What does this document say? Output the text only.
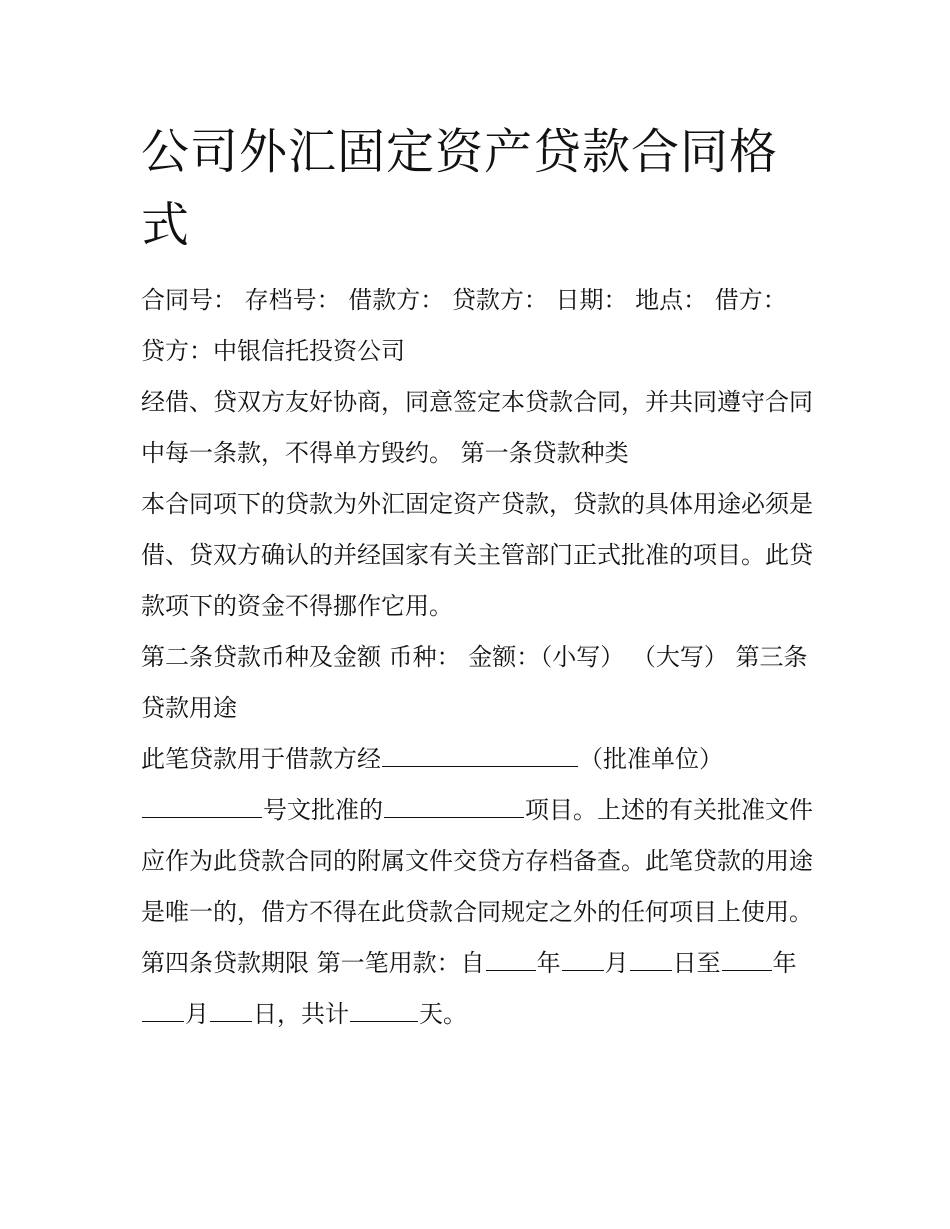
公司外汇固定资产贷款合同格式

合同号： 存档号： 借款方： 贷款方： 日期： 地点： 借方：

贷方：中银信托投资公司

经借、贷双方友好协商，同意签定本贷款合同，并共同遵守合同中每一条款，不得单方毁约。 第一条贷款种类

本合同项下的贷款为外汇固定资产贷款，贷款的具体用途必须是借、贷双方确认的并经国家有关主管部门正式批准的项目。此贷款项下的资金不得挪作它用。

第二条贷款币种及金额 币种： 金额：（小写） （大写） 第三条贷款用途

此笔贷款用于借款方经	（批准单位）号文批准的	项目。上述的有关批准文件应作为此贷款合同的附属文件交贷方存档备查。此笔贷款的用途是唯一的，借方不得在此贷款合同规定之外的任何项目上使用。

第四条贷款期限 第一笔用款：自 年 月 日至 年月 日，共计	天。
